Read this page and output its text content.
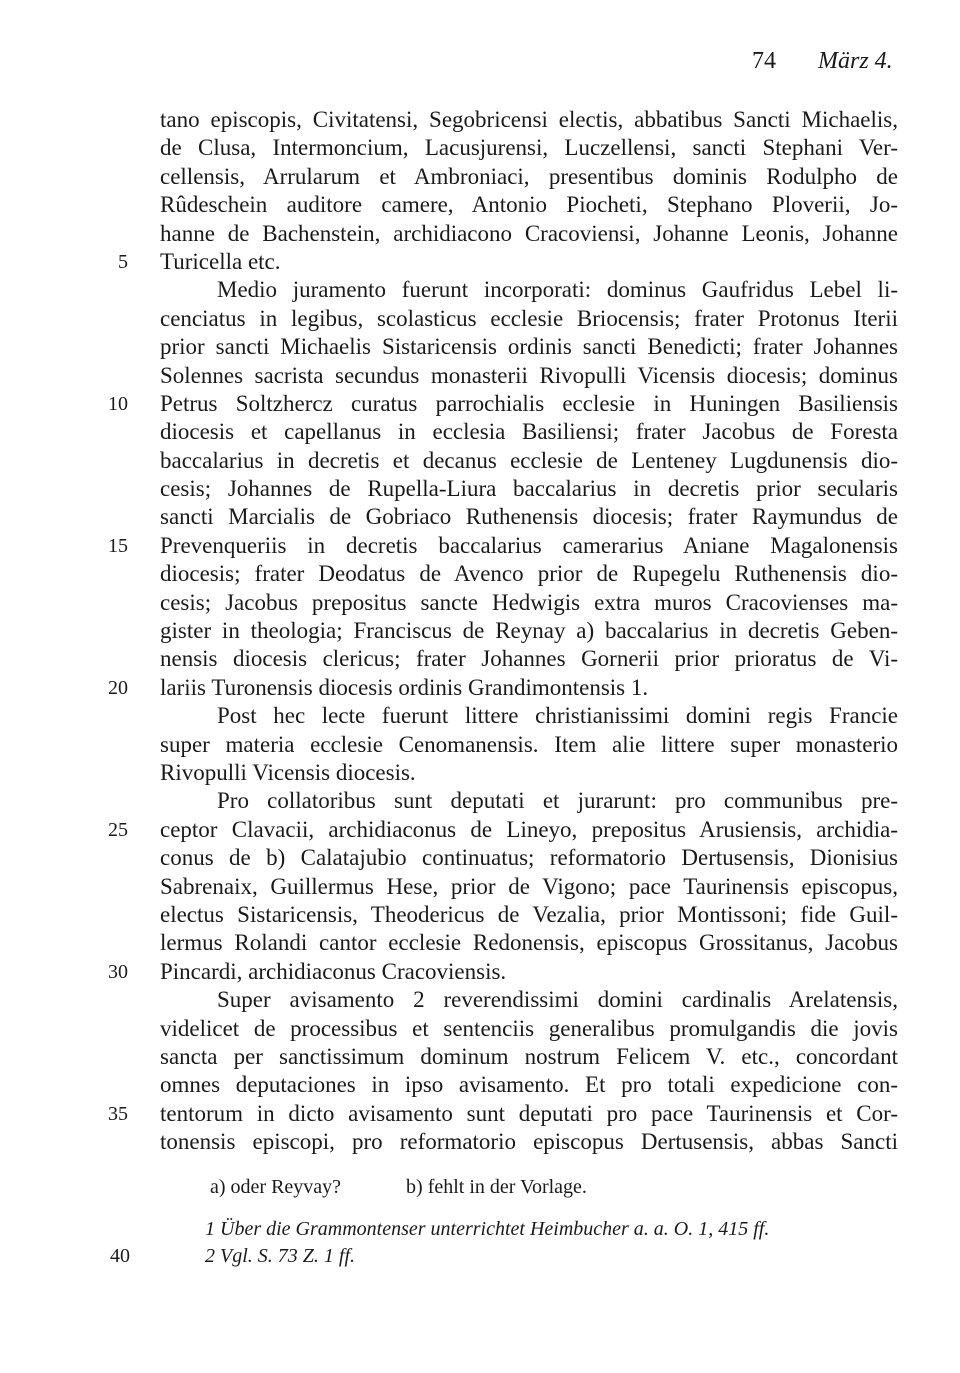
74 März 4.
tano episcopis, Civitatensi, Segobricensi electis, abbatibus Sancti Michaelis,
de Clusa, Intermoncium, Lacusjurensi, Luczellensi, sancti Stephani Ver-
cellensis, Arrularum et Ambroniaci, presentibus dominis Rodulpho de
Rûdeschein auditore camere, Antonio Piocheti, Stephano Ploverii, Jo-
hanne de Bachenstein, archidiacono Cracoviensi, Johanne Leonis, Johanne
Turicella etc.
5
Medio juramento fuerunt incorporati: dominus Gaufridus Lebel li-
cenciatus in legibus, scolasticus ecclesie Briocensis; frater Protonus Iterii
prior sancti Michaelis Sistaricensis ordinis sancti Benedicti; frater Johannes
Solennes sacrista secundus monasterii Rivopulli Vicensis diocesis; dominus
Petrus Soltzhercz curatus parrochialis ecclesie in Huningen Basiliensis
10
diocesis et capellanus in ecclesia Basiliensi; frater Jacobus de Foresta
baccalarius in decretis et decanus ecclesie de Lenteney Lugdunensis dio-
cesis; Johannes de Rupella-Liura baccalarius in decretis prior secularis
sancti Marcialis de Gobriaco Ruthenensis diocesis; frater Raymundus de
Prevenqueriis in decretis baccalarius camerarius Aniane Magalonensis
15
diocesis; frater Deodatus de Avenco prior de Rupegelu Ruthenensis dio-
cesis; Jacobus prepositus sancte Hedwigis extra muros Cracovienses ma-
gister in theologia; Franciscus de Reynay a) baccalarius in decretis Geben-
nensis diocesis clericus; frater Johannes Gornerii prior prioratus de Vi-
lariis Turonensis diocesis ordinis Grandimontensis 1.
20
Post hec lecte fuerunt littere christianissimi domini regis Francie
super materia ecclesie Cenomanensis. Item alie littere super monasterio
Rivopulli Vicensis diocesis.
Pro collatoribus sunt deputati et jurarunt: pro communibus pre-
ceptor Clavacii, archidiaconus de Lineyo, prepositus Arusiensis, archidia-
25
conus de b) Calatajubio continuatus; reformatorio Dertusensis, Dionisius
Sabrenaix, Guillermus Hese, prior de Vigono; pace Taurinensis episcopus,
electus Sistaricensis, Theodericus de Vezalia, prior Montissoni; fide Guil-
lermus Rolandi cantor ecclesie Redonensis, episcopus Grossitanus, Jacobus
Pincardi, archidiaconus Cracoviensis.
30
Super avisamento 2 reverendissimi domini cardinalis Arelatensis,
videlicet de processibus et sentenciis generalibus promulgandis die jovis
sancta per sanctissimum dominum nostrum Felicem V. etc., concordant
omnes deputaciones in ipso avisamento. Et pro totali expedicione con-
tentorum in dicto avisamento sunt deputati pro pace Taurinensis et Cor-
35
tonensis episcopi, pro reformatorio episcopus Dertusensis, abbas Sancti
a) oder Reyvay?	b) fehlt in der Vorlage.
1 Über die Grammontenser unterrichtet Heimbucher a. a. O. 1, 415 ff.
40	2 Vgl. S. 73 Z. 1 ff.
